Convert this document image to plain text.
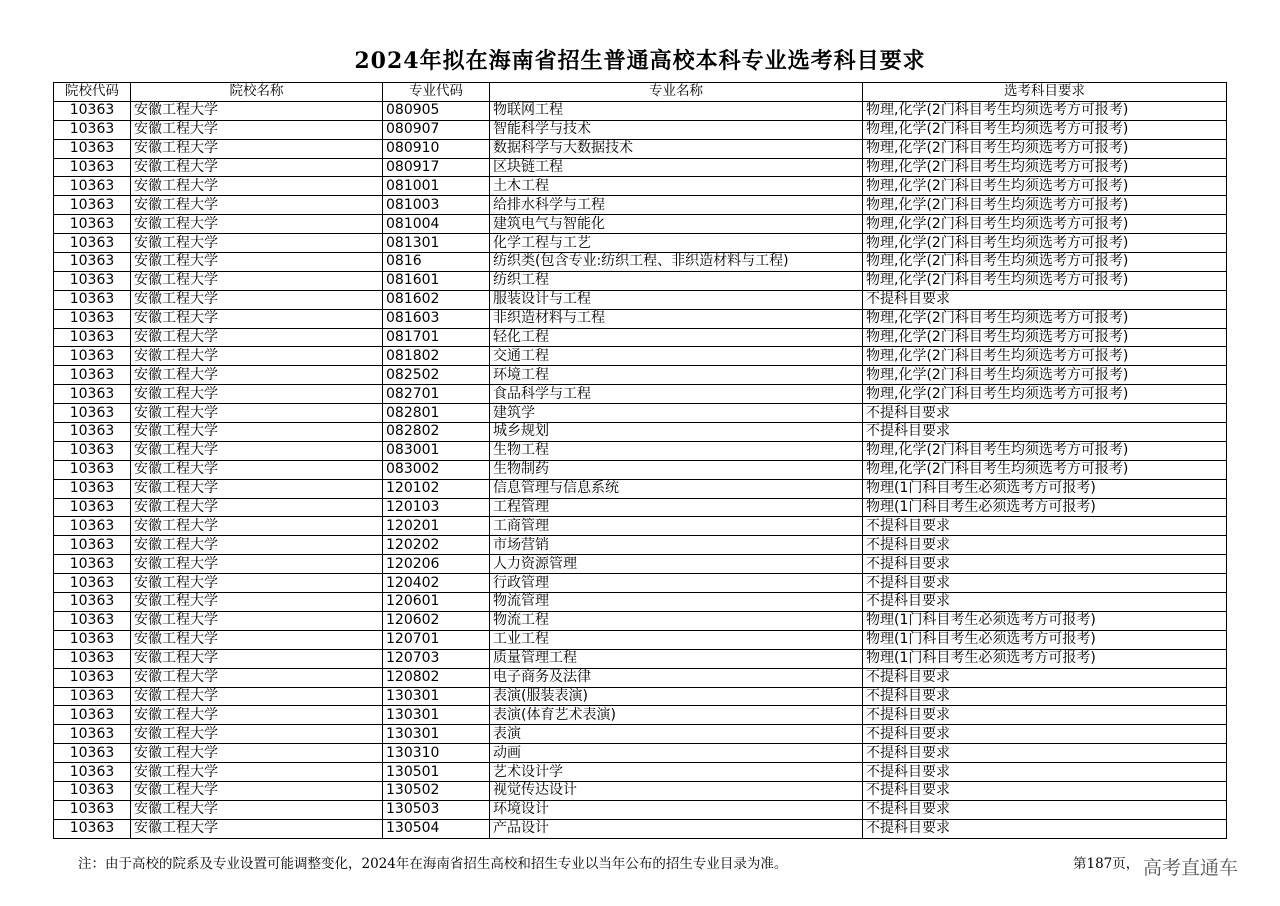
2024年拟在海南省招生普通高校本科专业选考科目要求
院校代码	院校名称	专业代码	专业名称	选考科目要求
10363	安徽工程大学	080905	物联网工程	物理,化学(2门科目考生均须选考方可报考)
10363	安徽工程大学	080907	智能科学与技术	物理,化学(2门科目考生均须选考方可报考)
10363	安徽工程大学	080910	数据科学与大数据技术	物理,化学(2门科目考生均须选考方可报考)
10363	安徽工程大学	080917	区块链工程	物理,化学(2门科目考生均须选考方可报考)
10363	安徽工程大学	081001	土木工程	物理,化学(2门科目考生均须选考方可报考)
10363	安徽工程大学	081003	给排水科学与工程	物理,化学(2门科目考生均须选考方可报考)
10363	安徽工程大学	081004	建筑电气与智能化	物理,化学(2门科目考生均须选考方可报考)
10363	安徽工程大学	081301	化学工程与工艺	物理,化学(2门科目考生均须选考方可报考)
10363	安徽工程大学	0816	纺织类(包含专业:纺织工程、非织造材料与工程)	物理,化学(2门科目考生均须选考方可报考)
10363	安徽工程大学	081601	纺织工程	物理,化学(2门科目考生均须选考方可报考)
10363	安徽工程大学	081602	服装设计与工程	不提科目要求
10363	安徽工程大学	081603	非织造材料与工程	物理,化学(2门科目考生均须选考方可报考)
10363	安徽工程大学	081701	轻化工程	物理,化学(2门科目考生均须选考方可报考)
10363	安徽工程大学	081802	交通工程	物理,化学(2门科目考生均须选考方可报考)
10363	安徽工程大学	082502	环境工程	物理,化学(2门科目考生均须选考方可报考)
10363	安徽工程大学	082701	食品科学与工程	物理,化学(2门科目考生均须选考方可报考)
10363	安徽工程大学	082801	建筑学	不提科目要求
10363	安徽工程大学	082802	城乡规划	不提科目要求
10363	安徽工程大学	083001	生物工程	物理,化学(2门科目考生均须选考方可报考)
10363	安徽工程大学	083002	生物制药	物理,化学(2门科目考生均须选考方可报考)
10363	安徽工程大学	120102	信息管理与信息系统	物理(1门科目考生必须选考方可报考)
10363	安徽工程大学	120103	工程管理	物理(1门科目考生必须选考方可报考)
10363	安徽工程大学	120201	工商管理	不提科目要求
10363	安徽工程大学	120202	市场营销	不提科目要求
10363	安徽工程大学	120206	人力资源管理	不提科目要求
10363	安徽工程大学	120402	行政管理	不提科目要求
10363	安徽工程大学	120601	物流管理	不提科目要求
10363	安徽工程大学	120602	物流工程	物理(1门科目考生必须选考方可报考)
10363	安徽工程大学	120701	工业工程	物理(1门科目考生必须选考方可报考)
10363	安徽工程大学	120703	质量管理工程	物理(1门科目考生必须选考方可报考)
10363	安徽工程大学	120802	电子商务及法律	不提科目要求
10363	安徽工程大学	130301	表演(服装表演)	不提科目要求
10363	安徽工程大学	130301	表演(体育艺术表演)	不提科目要求
10363	安徽工程大学	130301	表演	不提科目要求
10363	安徽工程大学	130310	动画	不提科目要求
10363	安徽工程大学	130501	艺术设计学	不提科目要求
10363	安徽工程大学	130502	视觉传达设计	不提科目要求
10363	安徽工程大学	130503	环境设计	不提科目要求
10363	安徽工程大学	130504	产品设计	不提科目要求
注：由于高校的院系及专业设置可能调整变化，2024年在海南省招生高校和招生专业以当年公布的招生专业目录为准。	第187页， 高考直通车
